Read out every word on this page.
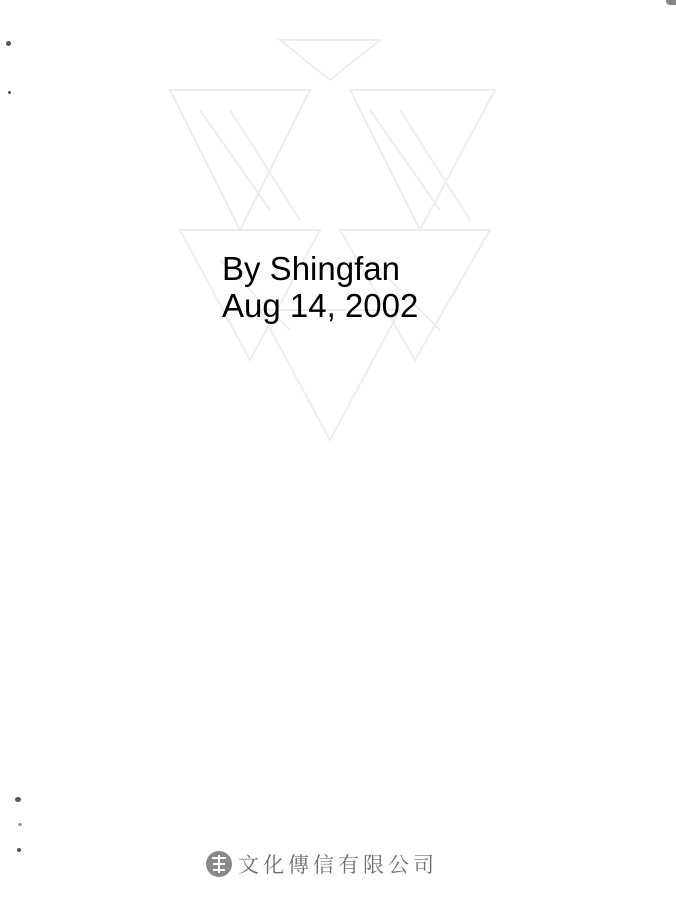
By Shingfan
Aug 14, 2002
文化傳信有限公司
